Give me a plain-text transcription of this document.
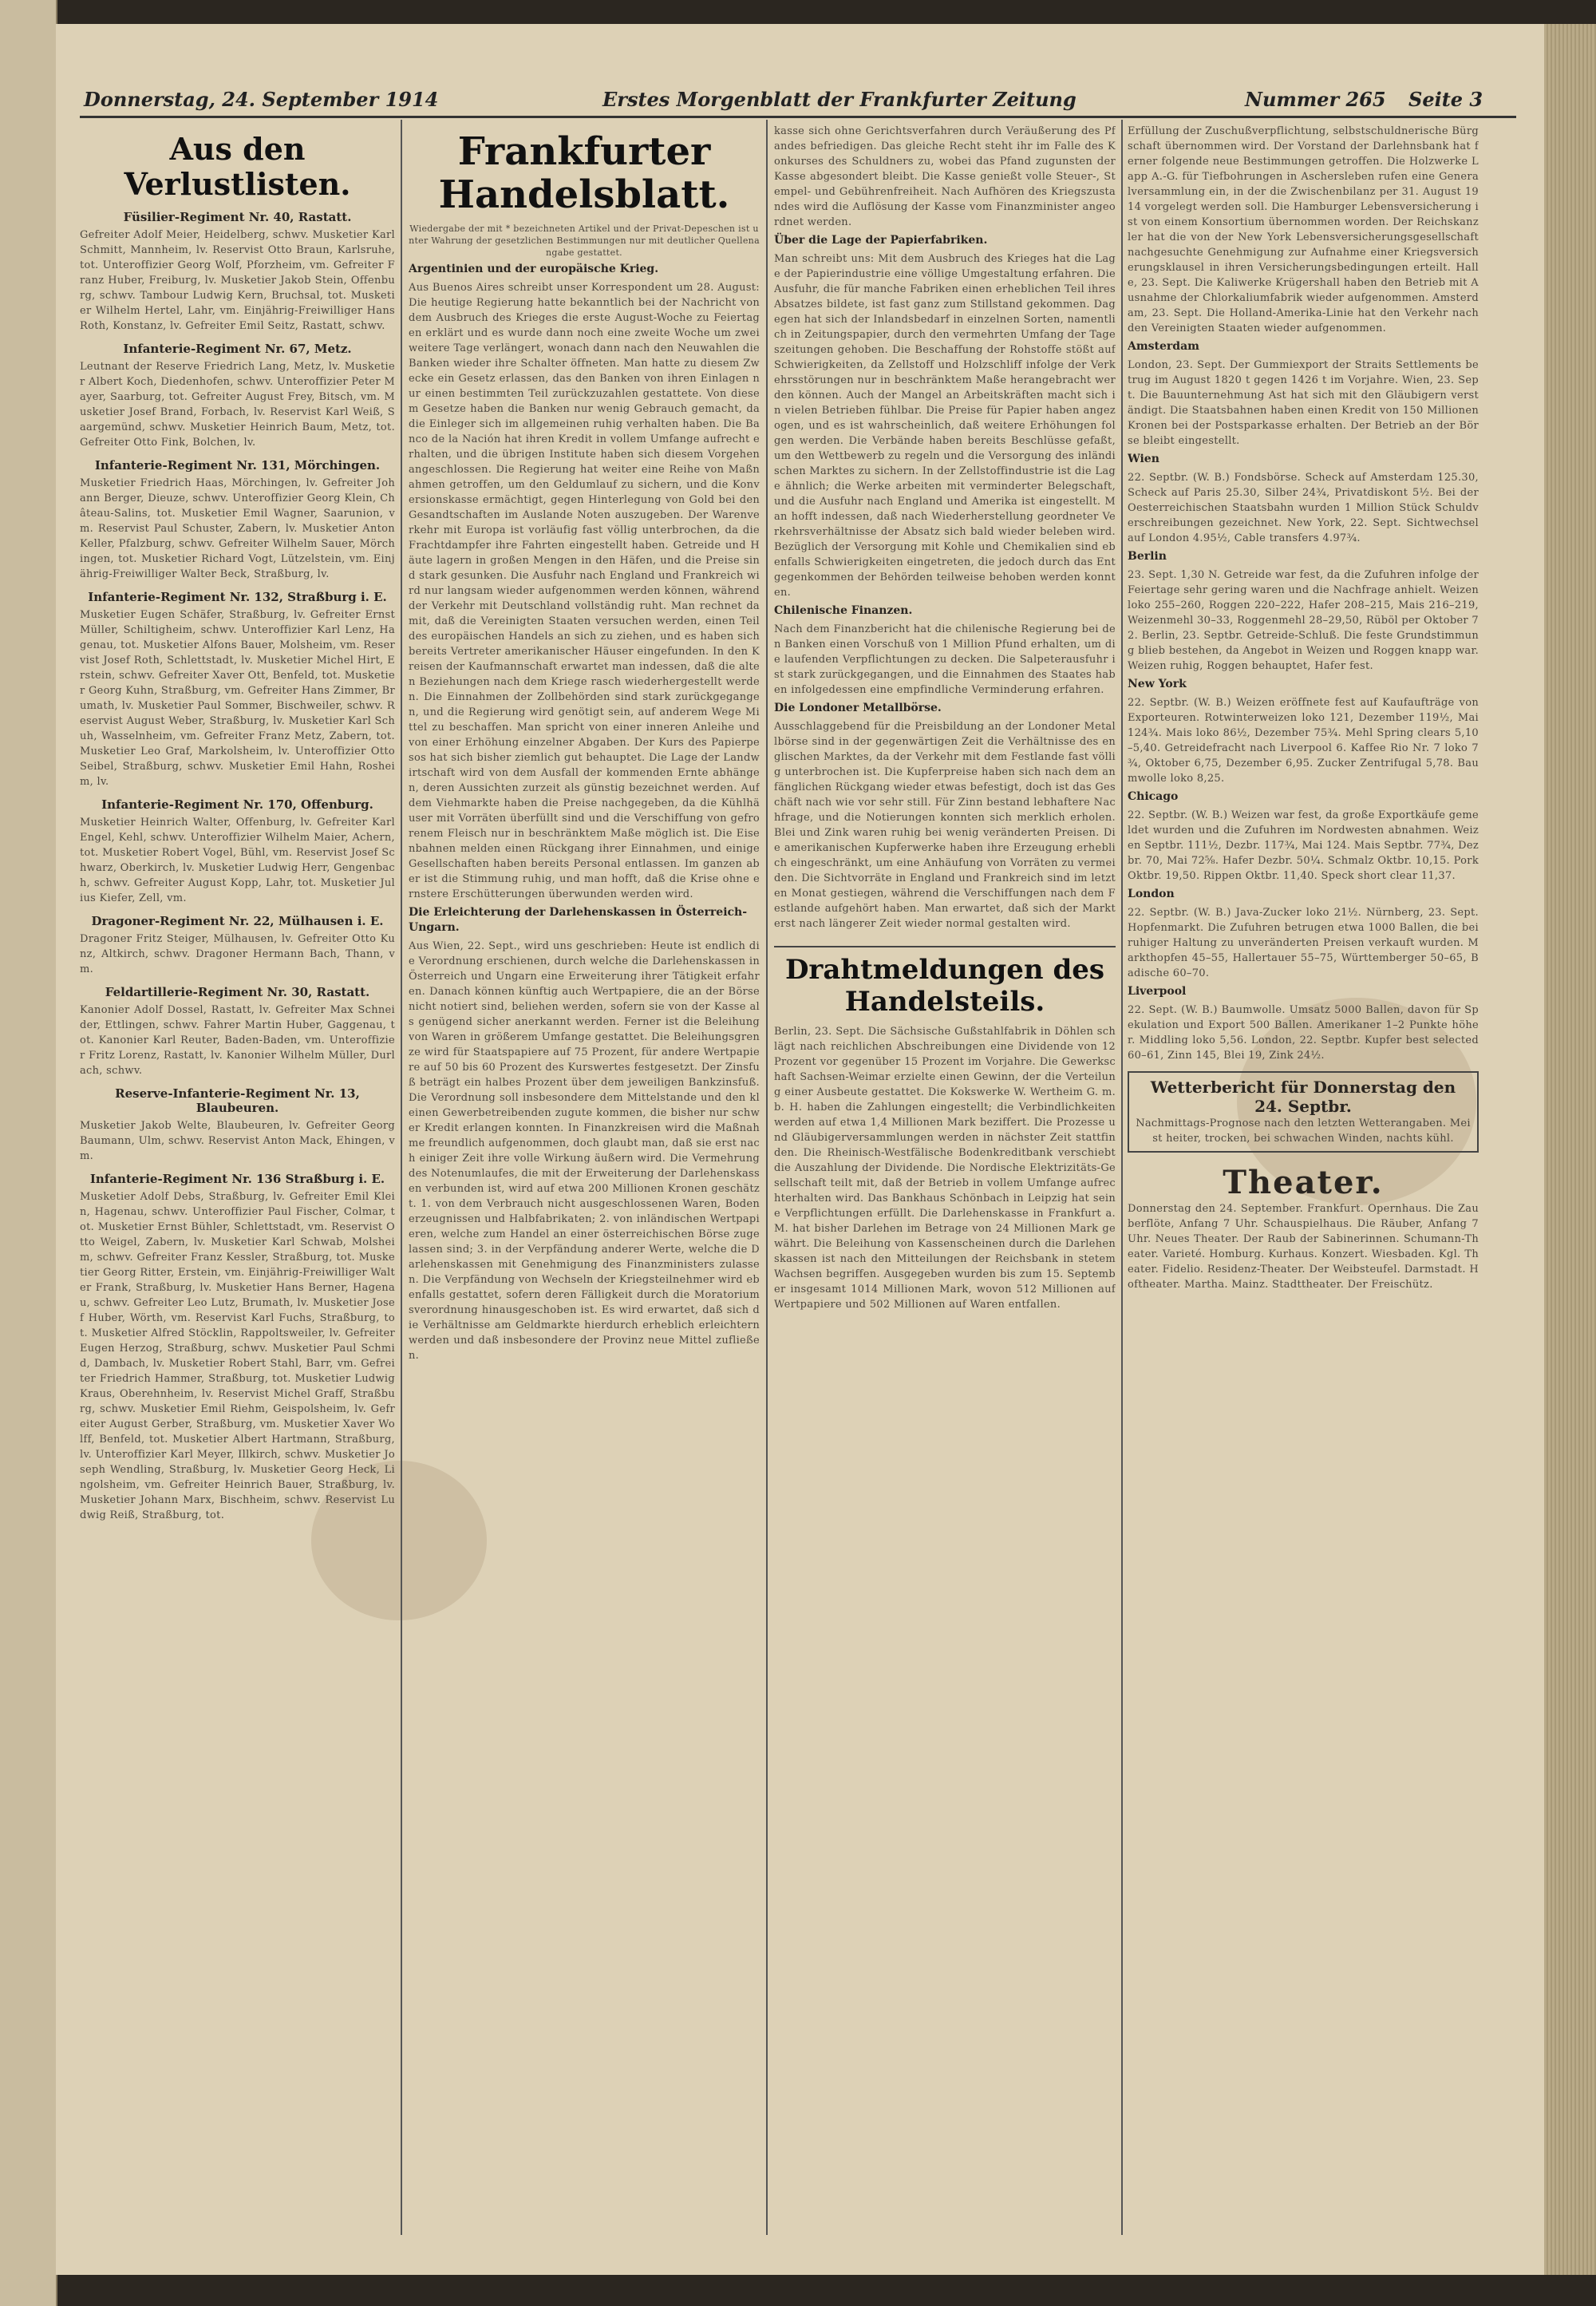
Donnerstag, 24. September 1914	Erstes Morgenblatt der Frankfurter Zeitung	Nummer 265 Seite 3
Aus den Verlustlisten.
Füsilier-Regiment Nr. 40, Rastatt.
Gefreiter Adolf Meier, Heidelberg, schwv. Musketier Karl Schmitt, Mannheim, lv. Reservist Otto Braun, Karlsruhe, tot. Unteroffizier Georg Wolf, Pforzheim, vm. Gefreiter Franz Huber, Freiburg, lv. Musketier Jakob Stein, Offenburg, schwv. Tambour Ludwig Kern, Bruchsal, tot. Musketier Wilhelm Hertel, Lahr, vm. Einjährig-Freiwilliger Hans Roth, Konstanz, lv. Gefreiter Emil Seitz, Rastatt, schwv.
Infanterie-Regiment Nr. 67, Metz.
Leutnant der Reserve Friedrich Lang, Metz, lv. Musketier Albert Koch, Diedenhofen, schwv. Unteroffizier Peter Mayer, Saarburg, tot. Gefreiter August Frey, Bitsch, vm. Musketier Josef Brand, Forbach, lv. Reservist Karl Weiß, Saargemünd, schwv. Musketier Heinrich Baum, Metz, tot. Gefreiter Otto Fink, Bolchen, lv.
Infanterie-Regiment Nr. 131, Mörchingen.
Musketier Friedrich Haas, Mörchingen, lv. Gefreiter Johann Berger, Dieuze, schwv. Unteroffizier Georg Klein, Château-Salins, tot. Musketier Emil Wagner, Saarunion, vm. Reservist Paul Schuster, Zabern, lv. Musketier Anton Keller, Pfalzburg, schwv. Gefreiter Wilhelm Sauer, Mörchingen, tot. Musketier Richard Vogt, Lützelstein, vm. Einjährig-Freiwilliger Walter Beck, Straßburg, lv.
Infanterie-Regiment Nr. 132, Straßburg i. E.
Musketier Eugen Schäfer, Straßburg, lv. Gefreiter Ernst Müller, Schiltigheim, schwv. Unteroffizier Karl Lenz, Hagenau, tot. Musketier Alfons Bauer, Molsheim, vm. Reservist Josef Roth, Schlettstadt, lv. Musketier Michel Hirt, Erstein, schwv. Gefreiter Xaver Ott, Benfeld, tot. Musketier Georg Kuhn, Straßburg, vm. Gefreiter Hans Zimmer, Brumath, lv. Musketier Paul Sommer, Bischweiler, schwv. Reservist August Weber, Straßburg, lv. Musketier Karl Schuh, Wasselnheim, vm. Gefreiter Franz Metz, Zabern, tot. Musketier Leo Graf, Markolsheim, lv. Unteroffizier Otto Seibel, Straßburg, schwv. Musketier Emil Hahn, Rosheim, lv.
Infanterie-Regiment Nr. 170, Offenburg.
Musketier Heinrich Walter, Offenburg, lv. Gefreiter Karl Engel, Kehl, schwv. Unteroffizier Wilhelm Maier, Achern, tot. Musketier Robert Vogel, Bühl, vm. Reservist Josef Schwarz, Oberkirch, lv. Musketier Ludwig Herr, Gengenbach, schwv. Gefreiter August Kopp, Lahr, tot. Musketier Julius Kiefer, Zell, vm.
Dragoner-Regiment Nr. 22, Mülhausen i. E.
Dragoner Fritz Steiger, Mülhausen, lv. Gefreiter Otto Kunz, Altkirch, schwv. Dragoner Hermann Bach, Thann, vm.
Feldartillerie-Regiment Nr. 30, Rastatt.
Kanonier Adolf Dossel, Rastatt, lv. Gefreiter Max Schneider, Ettlingen, schwv. Fahrer Martin Huber, Gaggenau, tot. Kanonier Karl Reuter, Baden-Baden, vm. Unteroffizier Fritz Lorenz, Rastatt, lv. Kanonier Wilhelm Müller, Durlach, schwv.
Reserve-Infanterie-Regiment Nr. 13, Blaubeuren.
Musketier Jakob Welte, Blaubeuren, lv. Gefreiter Georg Baumann, Ulm, schwv. Reservist Anton Mack, Ehingen, vm.
Infanterie-Regiment Nr. 136 Straßburg i. E.
Musketier Adolf Debs, Straßburg, lv. Gefreiter Emil Klein, Hagenau, schwv. Unteroffizier Paul Fischer, Colmar, tot. Musketier Ernst Bühler, Schlettstadt, vm. Reservist Otto Weigel, Zabern, lv. Musketier Karl Schwab, Molsheim, schwv. Gefreiter Franz Kessler, Straßburg, tot. Musketier Georg Ritter, Erstein, vm. Einjährig-Freiwilliger Walter Frank, Straßburg, lv. Musketier Hans Berner, Hagenau, schwv. Gefreiter Leo Lutz, Brumath, lv. Musketier Josef Huber, Wörth, vm. Reservist Karl Fuchs, Straßburg, tot. Musketier Alfred Stöcklin, Rappoltsweiler, lv. Gefreiter Eugen Herzog, Straßburg, schwv. Musketier Paul Schmid, Dambach, lv. Musketier Robert Stahl, Barr, vm. Gefreiter Friedrich Hammer, Straßburg, tot. Musketier Ludwig Kraus, Oberehnheim, lv. Reservist Michel Graff, Straßburg, schwv. Musketier Emil Riehm, Geispolsheim, lv. Gefreiter August Gerber, Straßburg, vm. Musketier Xaver Wolff, Benfeld, tot. Musketier Albert Hartmann, Straßburg, lv. Unteroffizier Karl Meyer, Illkirch, schwv. Musketier Joseph Wendling, Straßburg, lv. Musketier Georg Heck, Lingolsheim, vm. Gefreiter Heinrich Bauer, Straßburg, lv. Musketier Johann Marx, Bischheim, schwv. Reservist Ludwig Reiß, Straßburg, tot.
Frankfurter Handelsblatt.
Wiedergabe der mit * bezeichneten Artikel und der Privat-Depeschen ist unter Wahrung der gesetzlichen Bestimmungen nur mit deutlicher Quellenangabe gestattet.
Argentinien und der europäische Krieg.
Aus Buenos Aires schreibt unser Korrespondent um 28. August: Die heutige Regierung hatte bekanntlich bei der Nachricht von dem Ausbruch des Krieges die erste August-Woche zu Feiertagen erklärt und es wurde dann noch eine zweite Woche um zwei weitere Tage verlängert, wonach dann nach den Neuwahlen die Banken wieder ihre Schalter öffneten. Man hatte zu diesem Zwecke ein Gesetz erlassen, das den Banken von ihren Einlagen nur einen bestimmten Teil zurückzuzahlen gestattete. Von diesem Gesetze haben die Banken nur wenig Gebrauch gemacht, da die Einleger sich im allgemeinen ruhig verhalten haben. Die Banco de la Nación hat ihren Kredit in vollem Umfange aufrecht erhalten, und die übrigen Institute haben sich diesem Vorgehen angeschlossen. Die Regierung hat weiter eine Reihe von Maßnahmen getroffen, um den Geldumlauf zu sichern, und die Konversionskasse ermächtigt, gegen Hinterlegung von Gold bei den Gesandtschaften im Auslande Noten auszugeben. Der Warenverkehr mit Europa ist vorläufig fast völlig unterbrochen, da die Frachtdampfer ihre Fahrten eingestellt haben. Getreide und Häute lagern in großen Mengen in den Häfen, und die Preise sind stark gesunken. Die Ausfuhr nach England und Frankreich wird nur langsam wieder aufgenommen werden können, während der Verkehr mit Deutschland vollständig ruht. Man rechnet damit, daß die Vereinigten Staaten versuchen werden, einen Teil des europäischen Handels an sich zu ziehen, und es haben sich bereits Vertreter amerikanischer Häuser eingefunden. In den Kreisen der Kaufmannschaft erwartet man indessen, daß die alten Beziehungen nach dem Kriege rasch wiederhergestellt werden. Die Einnahmen der Zollbehörden sind stark zurückgegangen, und die Regierung wird genötigt sein, auf anderem Wege Mittel zu beschaffen. Man spricht von einer inneren Anleihe und von einer Erhöhung einzelner Abgaben. Der Kurs des Papierpesos hat sich bisher ziemlich gut behauptet. Die Lage der Landwirtschaft wird von dem Ausfall der kommenden Ernte abhängen, deren Aussichten zurzeit als günstig bezeichnet werden. Auf dem Viehmarkte haben die Preise nachgegeben, da die Kühlhäuser mit Vorräten überfüllt sind und die Verschiffung von gefrorenem Fleisch nur in beschränktem Maße möglich ist. Die Eisenbahnen melden einen Rückgang ihrer Einnahmen, und einige Gesellschaften haben bereits Personal entlassen. Im ganzen aber ist die Stimmung ruhig, und man hofft, daß die Krise ohne ernstere Erschütterungen überwunden werden wird.
Die Erleichterung der Darlehenskassen in Österreich-Ungarn.
Aus Wien, 22. Sept., wird uns geschrieben: Heute ist endlich die Verordnung erschienen, durch welche die Darlehenskassen in Österreich und Ungarn eine Erweiterung ihrer Tätigkeit erfahren. Danach können künftig auch Wertpapiere, die an der Börse nicht notiert sind, beliehen werden, sofern sie von der Kasse als genügend sicher anerkannt werden. Ferner ist die Beleihung von Waren in größerem Umfange gestattet. Die Beleihungsgrenze wird für Staatspapiere auf 75 Prozent, für andere Wertpapiere auf 50 bis 60 Prozent des Kurswertes festgesetzt. Der Zinsfuß beträgt ein halbes Prozent über dem jeweiligen Bankzinsfuß. Die Verordnung soll insbesondere dem Mittelstande und den kleinen Gewerbetreibenden zugute kommen, die bisher nur schwer Kredit erlangen konnten. In Finanzkreisen wird die Maßnahme freundlich aufgenommen, doch glaubt man, daß sie erst nach einiger Zeit ihre volle Wirkung äußern wird. Die Vermehrung des Notenumlaufes, die mit der Erweiterung der Darlehenskassen verbunden ist, wird auf etwa 200 Millionen Kronen geschätzt. 1. von dem Verbrauch nicht ausgeschlossenen Waren, Bodenerzeugnissen und Halbfabrikaten; 2. von inländischen Wertpapieren, welche zum Handel an einer österreichischen Börse zugelassen sind; 3. in der Verpfändung anderer Werte, welche die Darlehenskassen mit Genehmigung des Finanzministers zulassen. Die Verpfändung von Wechseln der Kriegsteilnehmer wird ebenfalls gestattet, sofern deren Fälligkeit durch die Moratoriumsverordnung hinausgeschoben ist. Es wird erwartet, daß sich die Verhältnisse am Geldmarkte hierdurch erheblich erleichtern werden und daß insbesondere der Provinz neue Mittel zufließen.
kasse sich ohne Gerichtsverfahren durch Veräußerung des Pfandes befriedigen. Das gleiche Recht steht ihr im Falle des Konkurses des Schuldners zu, wobei das Pfand zugunsten der Kasse abgesondert bleibt. Die Kasse genießt volle Steuer-, Stempel- und Gebührenfreiheit. Nach Aufhören des Kriegszustandes wird die Auflösung der Kasse vom Finanzminister angeordnet werden.
Über die Lage der Papierfabriken.
Man schreibt uns: Mit dem Ausbruch des Krieges hat die Lage der Papierindustrie eine völlige Umgestaltung erfahren. Die Ausfuhr, die für manche Fabriken einen erheblichen Teil ihres Absatzes bildete, ist fast ganz zum Stillstand gekommen. Dagegen hat sich der Inlandsbedarf in einzelnen Sorten, namentlich in Zeitungspapier, durch den vermehrten Umfang der Tageszeitungen gehoben. Die Beschaffung der Rohstoffe stößt auf Schwierigkeiten, da Zellstoff und Holzschliff infolge der Verkehrsstörungen nur in beschränktem Maße herangebracht werden können. Auch der Mangel an Arbeitskräften macht sich in vielen Betrieben fühlbar. Die Preise für Papier haben angezogen, und es ist wahrscheinlich, daß weitere Erhöhungen folgen werden. Die Verbände haben bereits Beschlüsse gefaßt, um den Wettbewerb zu regeln und die Versorgung des inländischen Marktes zu sichern. In der Zellstoffindustrie ist die Lage ähnlich; die Werke arbeiten mit verminderter Belegschaft, und die Ausfuhr nach England und Amerika ist eingestellt. Man hofft indessen, daß nach Wiederherstellung geordneter Verkehrsverhältnisse der Absatz sich bald wieder beleben wird. Bezüglich der Versorgung mit Kohle und Chemikalien sind ebenfalls Schwierigkeiten eingetreten, die jedoch durch das Entgegenkommen der Behörden teilweise behoben werden konnten.
Chilenische Finanzen.
Nach dem Finanzbericht hat die chilenische Regierung bei den Banken einen Vorschuß von 1 Million Pfund erhalten, um die laufenden Verpflichtungen zu decken. Die Salpeterausfuhr ist stark zurückgegangen, und die Einnahmen des Staates haben infolgedessen eine empfindliche Verminderung erfahren.
Die Londoner Metallbörse.
Ausschlaggebend für die Preisbildung an der Londoner Metallbörse sind in der gegenwärtigen Zeit die Verhältnisse des englischen Marktes, da der Verkehr mit dem Festlande fast völlig unterbrochen ist. Die Kupferpreise haben sich nach dem anfänglichen Rückgang wieder etwas befestigt, doch ist das Geschäft nach wie vor sehr still. Für Zinn bestand lebhaftere Nachfrage, und die Notierungen konnten sich merklich erholen. Blei und Zink waren ruhig bei wenig veränderten Preisen. Die amerikanischen Kupferwerke haben ihre Erzeugung erheblich eingeschränkt, um eine Anhäufung von Vorräten zu vermeiden. Die Sichtvorräte in England und Frankreich sind im letzten Monat gestiegen, während die Verschiffungen nach dem Festlande aufgehört haben. Man erwartet, daß sich der Markt erst nach längerer Zeit wieder normal gestalten wird.
Drahtmeldungen des Handelsteils.
Berlin, 23. Sept. Die Sächsische Gußstahlfabrik in Döhlen schlägt nach reichlichen Abschreibungen eine Dividende von 12 Prozent vor gegenüber 15 Prozent im Vorjahre. Die Gewerkschaft Sachsen-Weimar erzielte einen Gewinn, der die Verteilung einer Ausbeute gestattet. Die Kokswerke W. Wertheim G. m. b. H. haben die Zahlungen eingestellt; die Verbindlichkeiten werden auf etwa 1,4 Millionen Mark beziffert. Die Prozesse und Gläubigerversammlungen werden in nächster Zeit stattfinden. Die Rheinisch-Westfälische Bodenkreditbank verschiebt die Auszahlung der Dividende. Die Nordische Elektrizitäts-Gesellschaft teilt mit, daß der Betrieb in vollem Umfange aufrechterhalten wird. Das Bankhaus Schönbach in Leipzig hat seine Verpflichtungen erfüllt. Die Darlehenskasse in Frankfurt a. M. hat bisher Darlehen im Betrage von 24 Millionen Mark gewährt. Die Beleihung von Kassenscheinen durch die Darlehenskassen ist nach den Mitteilungen der Reichsbank in stetem Wachsen begriffen. Ausgegeben wurden bis zum 15. September insgesamt 1014 Millionen Mark, wovon 512 Millionen auf Wertpapiere und 502 Millionen auf Waren entfallen.
Erfüllung der Zuschußverpflichtung, selbstschuldnerische Bürgschaft übernommen wird. Der Vorstand der Darlehnsbank hat ferner folgende neue Bestimmungen getroffen. Die Holzwerke Lapp A.-G. für Tiefbohrungen in Aschersleben rufen eine Generalversammlung ein, in der die Zwischenbilanz per 31. August 1914 vorgelegt werden soll. Die Hamburger Lebensversicherung ist von einem Konsortium übernommen worden. Der Reichskanzler hat die von der New York Lebensversicherungsgesellschaft nachgesuchte Genehmigung zur Aufnahme einer Kriegsversicherungsklausel in ihren Versicherungsbedingungen erteilt. Halle, 23. Sept. Die Kaliwerke Krügershall haben den Betrieb mit Ausnahme der Chlorkaliumfabrik wieder aufgenommen. Amsterdam, 23. Sept. Die Holland-Amerika-Linie hat den Verkehr nach den Vereinigten Staaten wieder aufgenommen.
Amsterdam
London, 23. Sept. Der Gummiexport der Straits Settlements betrug im August 1820 t gegen 1426 t im Vorjahre. Wien, 23. Sept. Die Bauunternehmung Ast hat sich mit den Gläubigern verständigt. Die Staatsbahnen haben einen Kredit von 150 Millionen Kronen bei der Postsparkasse erhalten. Der Betrieb an der Börse bleibt eingestellt.
Wien
22. Septbr. (W. B.) Fondsbörse. Scheck auf Amsterdam 125.30, Scheck auf Paris 25.30, Silber 24¾, Privatdiskont 5½. Bei der Oesterreichischen Staatsbahn wurden 1 Million Stück Schuldverschreibungen gezeichnet. New York, 22. Sept. Sichtwechsel auf London 4.95½, Cable transfers 4.97¾.
Berlin
23. Sept. 1,30 N. Getreide war fest, da die Zufuhren infolge der Feiertage sehr gering waren und die Nachfrage anhielt. Weizen loko 255–260, Roggen 220–222, Hafer 208–215, Mais 216–219, Weizenmehl 30–33, Roggenmehl 28–29,50, Rüböl per Oktober 72. Berlin, 23. Septbr. Getreide-Schluß. Die feste Grundstimmung blieb bestehen, da Angebot in Weizen und Roggen knapp war. Weizen ruhig, Roggen behauptet, Hafer fest.
New York
22. Septbr. (W. B.) Weizen eröffnete fest auf Kaufaufträge von Exporteuren. Rotwinterweizen loko 121, Dezember 119½, Mai 124¾. Mais loko 86½, Dezember 75¾. Mehl Spring clears 5,10–5,40. Getreidefracht nach Liverpool 6. Kaffee Rio Nr. 7 loko 7¾, Oktober 6,75, Dezember 6,95. Zucker Zentrifugal 5,78. Baumwolle loko 8,25.
Chicago
22. Septbr. (W. B.) Weizen war fest, da große Exportkäufe gemeldet wurden und die Zufuhren im Nordwesten abnahmen. Weizen Septbr. 111½, Dezbr. 117¾, Mai 124. Mais Septbr. 77¾, Dezbr. 70, Mai 72⅝. Hafer Dezbr. 50¼. Schmalz Oktbr. 10,15. Pork Oktbr. 19,50. Rippen Oktbr. 11,40. Speck short clear 11,37.
London
22. Septbr. (W. B.) Java-Zucker loko 21½. Nürnberg, 23. Sept. Hopfenmarkt. Die Zufuhren betrugen etwa 1000 Ballen, die bei ruhiger Haltung zu unveränderten Preisen verkauft wurden. Markthopfen 45–55, Hallertauer 55–75, Württemberger 50–65, Badische 60–70.
Liverpool
22. Sept. (W. B.) Baumwolle. Umsatz 5000 Ballen, davon für Spekulation und Export 500 Ballen. Amerikaner 1–2 Punkte höher. Middling loko 5,56. London, 22. Septbr. Kupfer best selected 60–61, Zinn 145, Blei 19, Zink 24½.
Wetterbericht für Donnerstag den 24. Septbr.
Nachmittags-Prognose nach den letzten Wetterangaben. Meist heiter, trocken, bei schwachen Winden, nachts kühl.
Theater.
Donnerstag den 24. September. Frankfurt. Opernhaus. Die Zauberflöte, Anfang 7 Uhr. Schauspielhaus. Die Räuber, Anfang 7 Uhr. Neues Theater. Der Raub der Sabinerinnen. Schumann-Theater. Varieté. Homburg. Kurhaus. Konzert. Wiesbaden. Kgl. Theater. Fidelio. Residenz-Theater. Der Weibsteufel. Darmstadt. Hoftheater. Martha. Mainz. Stadttheater. Der Freischütz.
